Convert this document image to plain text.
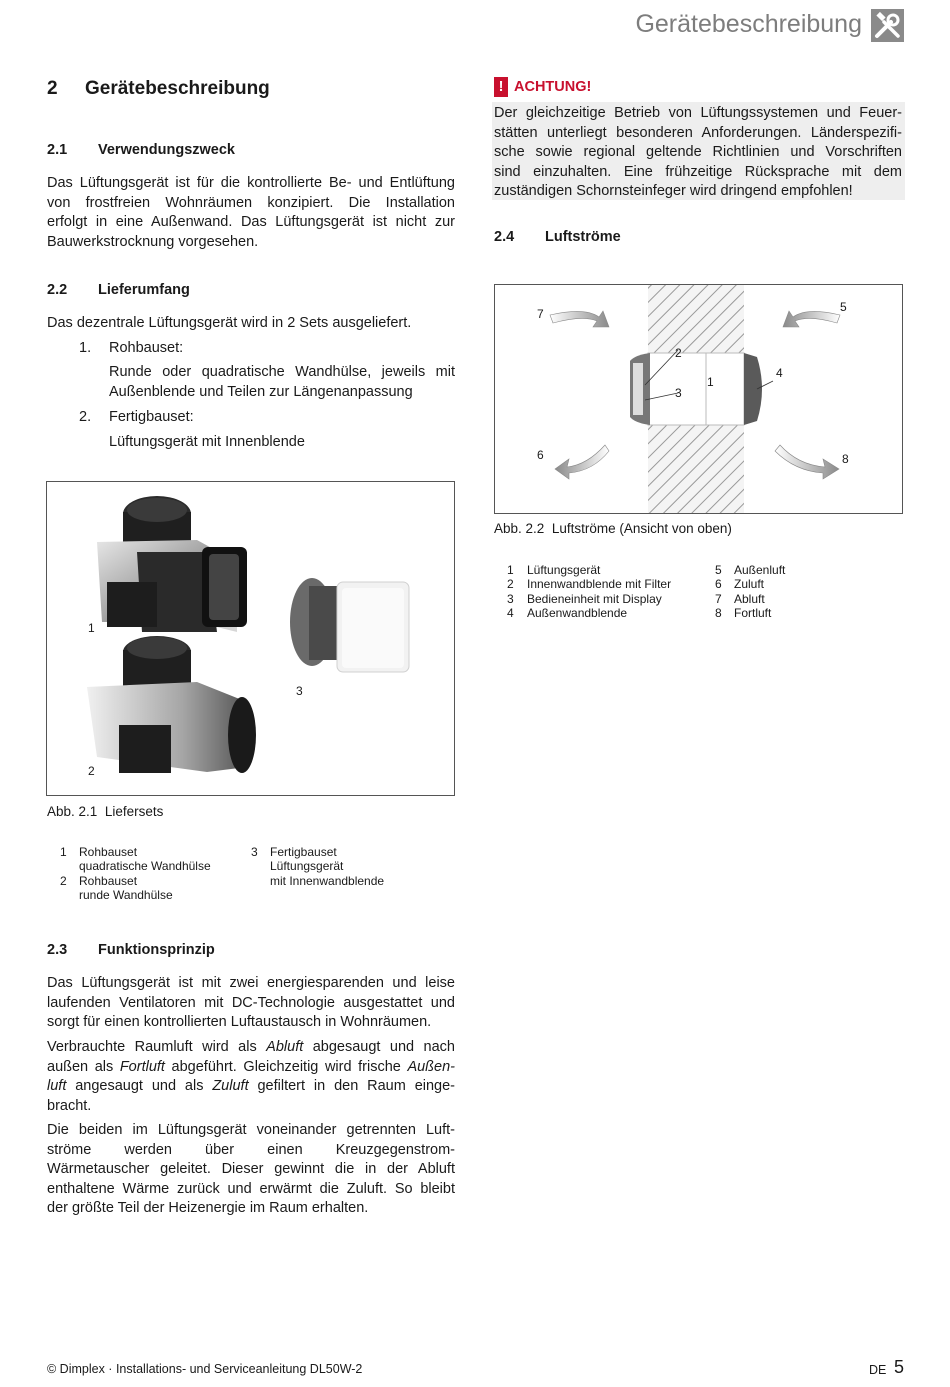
Gerätebeschreibung
2 Gerätebeschreibung
2.1 Verwendungszweck
Das Lüftungsgerät ist für die kontrollierte Be- und Entlüftung
von frostfreien Wohnräumen konzipiert. Die Installation
erfolgt in eine Außenwand. Das Lüftungsgerät ist nicht zur
Bauwerkstrocknung vorgesehen.
2.2 Lieferumfang
Das dezentrale Lüftungsgerät wird in 2 Sets ausgeliefert.
1. Rohbauset:
Runde oder quadratische Wandhülse, jeweils mit
Außenblende und Teilen zur Längenanpassung
2. Fertigbauset:
Lüftungsgerät mit Innenblende
1
2
3
Abb. 2.1 Liefersets
1	Rohbauset
quadratische Wandhülse
2	Rohbauset
runde Wandhülse
3	Fertigbauset
Lüftungsgerät
mit Innenwandblende
2.3 Funktionsprinzip
Das Lüftungsgerät ist mit zwei energiesparenden und leise
laufenden Ventilatoren mit DC-Technologie ausgestattet und
sorgt für einen kontrollierten Luftaustausch in Wohnräumen.
Verbrauchte Raumluft wird als Abluft abgesaugt und nach
außen als Fortluft abgeführt. Gleichzeitig wird frische Außen-
luft angesaugt und als Zuluft gefiltert in den Raum einge-
bracht.
Die beiden im Lüftungsgerät voneinander getrennten Luft-
ströme werden über einen Kreuzgegenstrom-
Wärmetauscher geleitet. Dieser gewinnt die in der Abluft
enthaltene Wärme zurück und erwärmt die Zuluft. So bleibt
der größte Teil der Heizenergie im Raum erhalten.
! ACHTUNG!
Der gleichzeitige Betrieb von Lüftungssystemen und Feuer-
stätten unterliegt besonderen Anforderungen. Länderspezifi-
sche sowie regional geltende Richtlinien und Vorschriften
sind einzuhalten. Eine frühzeitige Rücksprache mit dem
zuständigen Schornsteinfeger wird dringend empfohlen!
2.4 Luftströme
1
2
3
4
5
6
7
8
Abb. 2.2 Luftströme (Ansicht von oben)
1	Lüftungsgerät
2	Innenwandblende mit Filter
3	Bedieneinheit mit Display
4	Außenwandblende
5	Außenluft
6	Zuluft
7	Abluft
8	Fortluft
© Dimplex · Installations- und Serviceanleitung DL50W-2	DE 5
